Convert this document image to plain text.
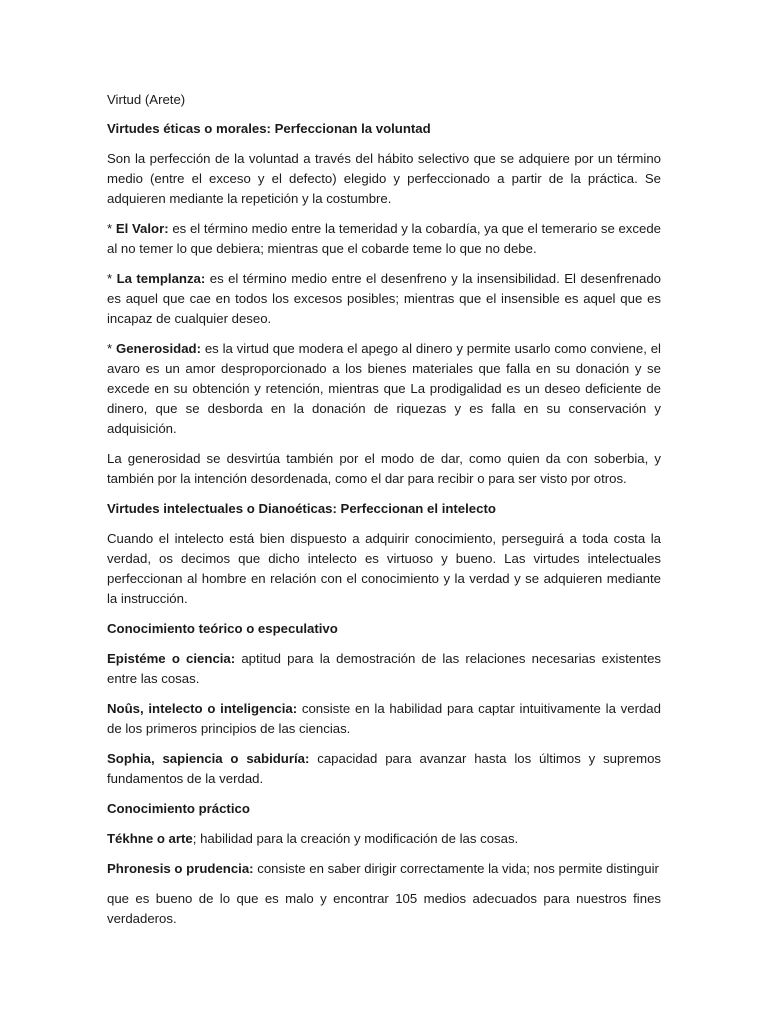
Virtud (Arete)

Virtudes éticas o morales: Perfeccionan la voluntad

Son la perfección de la voluntad a través del hábito selectivo que se adquiere por un término medio (entre el exceso y el defecto) elegido y perfeccionado a partir de la práctica. Se adquieren mediante la repetición y la costumbre.

* El Valor: es el término medio entre la temeridad y la cobardía, ya que el temerario se excede al no temer lo que debiera; mientras que el cobarde teme lo que no debe.

* La templanza: es el término medio entre el desenfreno y la insensibilidad. El desenfrenado es aquel que cae en todos los excesos posibles; mientras que el insensible es aquel que es incapaz de cualquier deseo.

* Generosidad: es la virtud que modera el apego al dinero y permite usarlo como conviene, el avaro es un amor desproporcionado a los bienes materiales que falla en su donación y se excede en su obtención y retención, mientras que La prodigalidad es un deseo deficiente de dinero, que se desborda en la donación de riquezas y es falla en su conservación y adquisición.

La generosidad se desvirtúa también por el modo de dar, como quien da con soberbia, y también por la intención desordenada, como el dar para recibir o para ser visto por otros.

Virtudes intelectuales o Dianoéticas: Perfeccionan el intelecto

Cuando el intelecto está bien dispuesto a adquirir conocimiento, perseguirá a toda costa la verdad, os decimos que dicho intelecto es virtuoso y bueno. Las virtudes intelectuales perfeccionan al hombre en relación con el conocimiento y la verdad y se adquieren mediante la instrucción.

Conocimiento teórico o especulativo

Epistéme o ciencia: aptitud para la demostración de las relaciones necesarias existentes entre las cosas.

Noûs, intelecto o inteligencia: consiste en la habilidad para captar intuitivamente la verdad de los primeros principios de las ciencias.

Sophia, sapiencia o sabiduría: capacidad para avanzar hasta los últimos y supremos fundamentos de la verdad.

Conocimiento práctico

Tékhne o arte; habilidad para la creación y modificación de las cosas.

Phronesis o prudencia: consiste en saber dirigir correctamente la vida; nos permite distinguir

que es bueno de lo que es malo y encontrar 105 medios adecuados para nuestros fines verdaderos.
